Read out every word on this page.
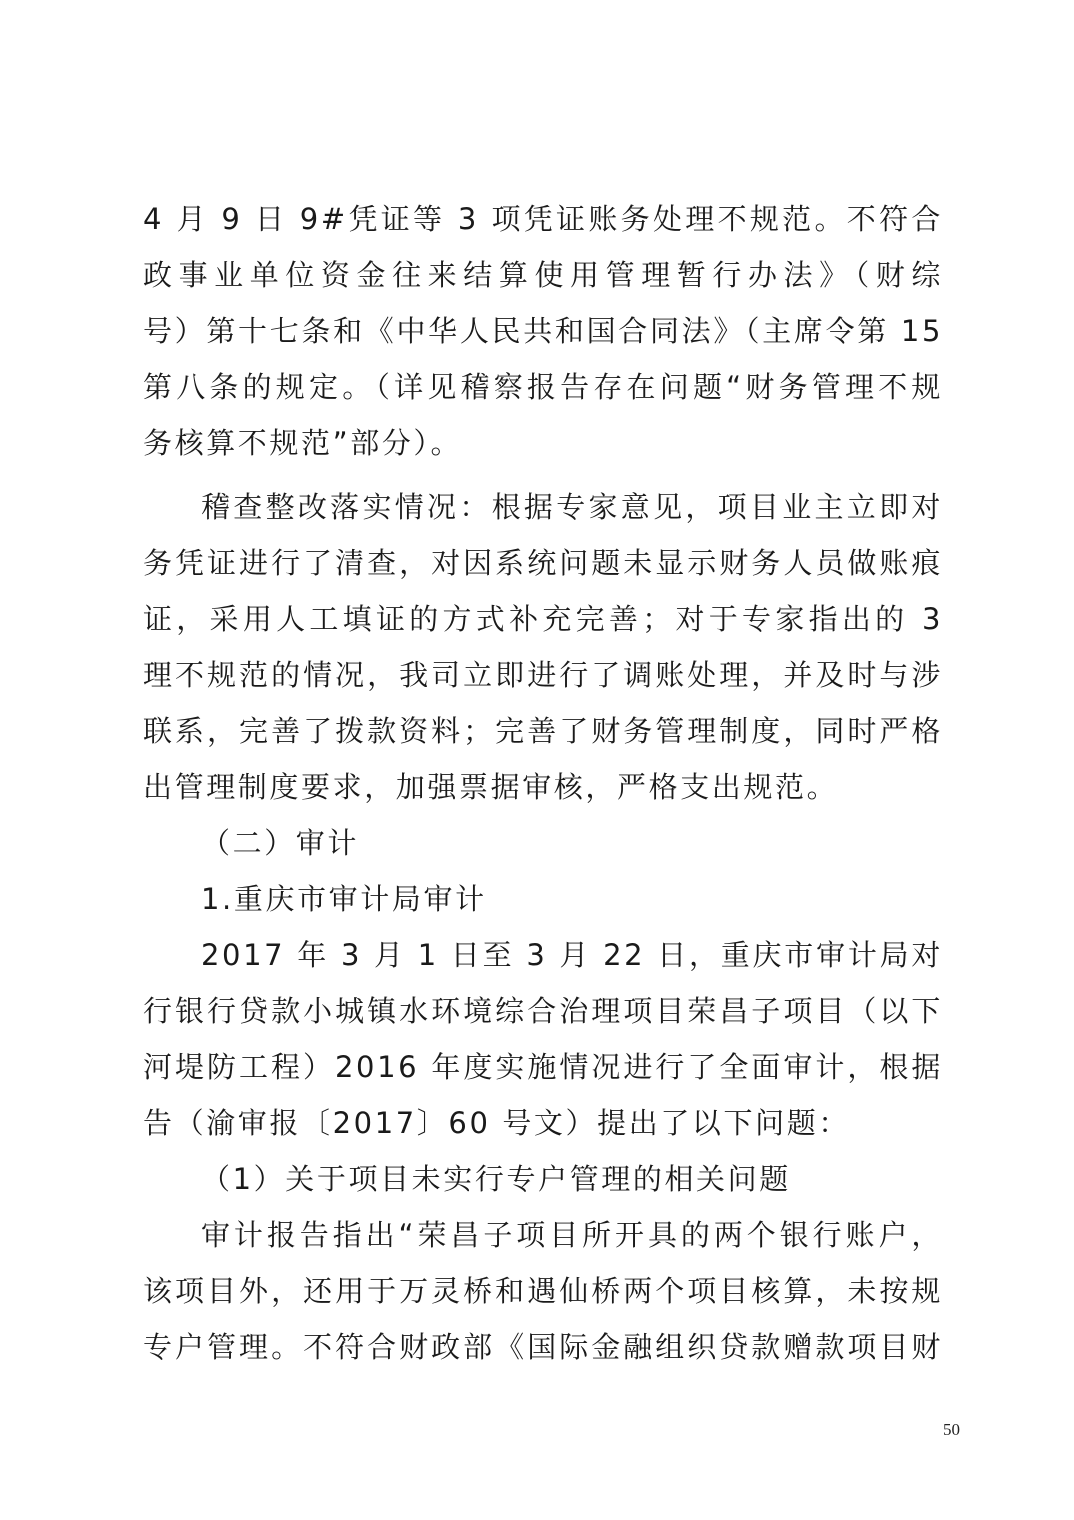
4 月 9 日 9#凭证等 3 项凭证账务处理不规范。不符合
政事业单位资金往来结算使用管理暂行办法》（财综
号）第十七条和《中华人民共和国合同法》（主席令第 15
第八条的规定。（详见稽察报告存在问题“财务管理不规
务核算不规范”部分）。
稽查整改落实情况：根据专家意见，项目业主立即对
务凭证进行了清查，对因系统问题未显示财务人员做账痕
证，采用人工填证的方式补充完善；对于专家指出的 3
理不规范的情况，我司立即进行了调账处理，并及时与涉
联系，完善了拨款资料；完善了财务管理制度，同时严格
出管理制度要求，加强票据审核，严格支出规范。
（二）审计
1.重庆市审计局审计
2017 年 3 月 1 日至 3 月 22 日，重庆市审计局对
行银行贷款小城镇水环境综合治理项目荣昌子项目（以下
河堤防工程）2016 年度实施情况进行了全面审计，根据
告（渝审报〔2017〕60 号文）提出了以下问题：
（1）关于项目未实行专户管理的相关问题
审计报告指出“荣昌子项目所开具的两个银行账户，
该项目外，还用于万灵桥和遇仙桥两个项目核算，未按规
专户管理。不符合财政部《国际金融组织贷款赠款项目财
50
